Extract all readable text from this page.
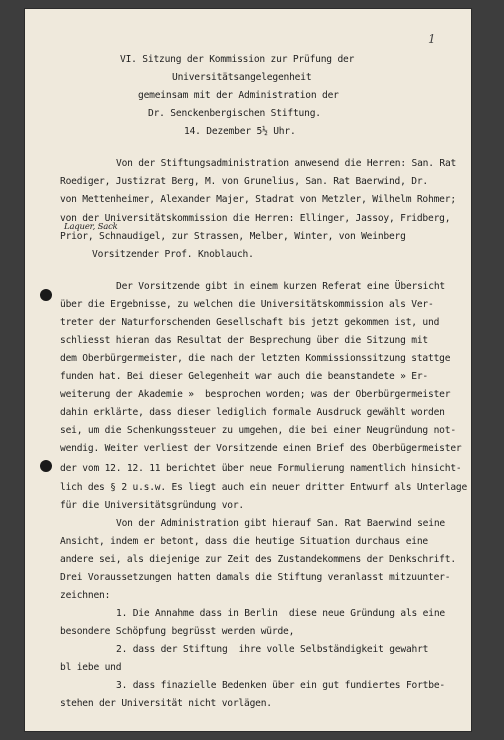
1
VI. Sitzung der Kommission zur Prüfung der
Universitätsangelegenheit
gemeinsam mit der Administration der
Dr. Senckenbergischen Stiftung.
14. Dezember 5½ Uhr.
Von der Stiftungsadministration anwesend die Herren: San. Rat
Roediger, Justizrat Berg, M. von Grunelius, San. Rat Baerwind, Dr.
von Mettenheimer, Alexander Majer, Stadrat von Metzler, Wilhelm Rohmer;
von der Universitätskommission die Herren: Ellinger, Jassoy, Fridberg,
Laquer, Sack
Prior, Schnaudigel, zur Strassen, Melber, Winter, von Weinberg
Vorsitzender Prof. Knoblauch.
Der Vorsitzende gibt in einem kurzen Referat eine Übersicht
über die Ergebnisse, zu welchen die Universitätskommission als Ver-
treter der Naturforschenden Gesellschaft bis jetzt gekommen ist, und
schliesst hieran das Resultat der Besprechung über die Sitzung mit
dem Oberbürgermeister, die nach der letzten Kommissionssitzung stattge
funden hat. Bei dieser Gelegenheit war auch die beanstandete » Er-
weiterung der Akademie »  besprochen worden; was der Oberbürgermeister
dahin erklärte, dass dieser lediglich formale Ausdruck gewählt worden
sei, um die Schenkungssteuer zu umgehen, die bei einer Neugründung not-
wendig. Weiter verliest der Vorsitzende einen Brief des Oberbügermeister
der vom 12. 12. 11 berichtet über neue Formulierung namentlich hinsicht-
lich des § 2 u.s.w. Es liegt auch ein neuer dritter Entwurf als Unterlage
für die Universitätsgründung vor.
Von der Administration gibt hierauf San. Rat Baerwind seine
Ansicht, indem er betont, dass die heutige Situation durchaus eine
andere sei, als diejenige zur Zeit des Zustandekommens der Denkschrift.
Drei Voraussetzungen hatten damals die Stiftung veranlasst mitzuunter-
zeichnen:
1. Die Annahme dass in Berlin  diese neue Gründung als eine
besondere Schöpfung begrüsst werden würde,
2. dass der Stiftung  ihre volle Selbständigkeit gewahrt
bl iebe und
3. dass finazielle Bedenken über ein gut fundiertes Fortbe-
stehen der Universität nicht vorlägen.
